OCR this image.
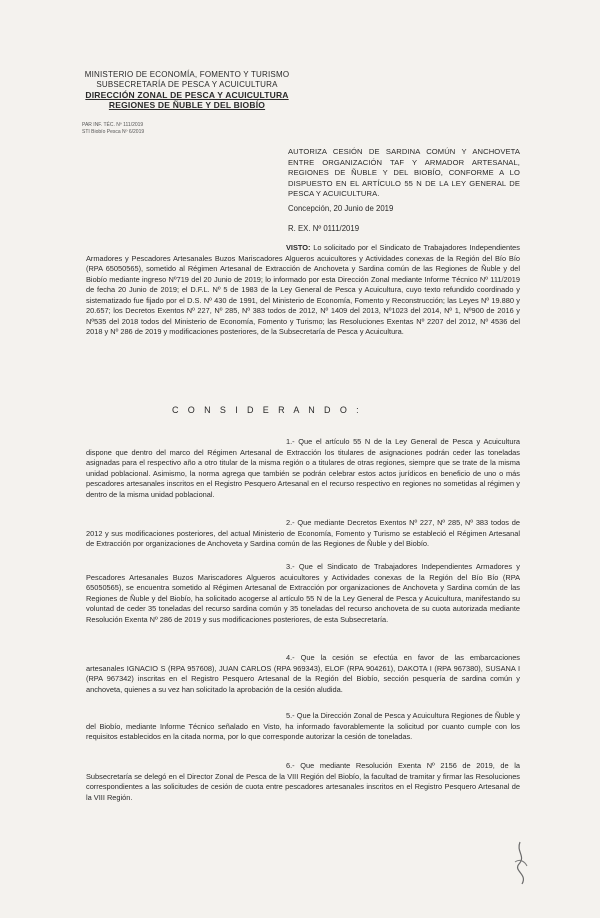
MINISTERIO DE ECONOMÍA, FOMENTO Y TURISMO
SUBSECRETARÍA DE PESCA Y ACUICULTURA
DIRECCIÓN ZONAL DE PESCA Y ACUICULTURA
REGIONES DE ÑUBLE Y DEL BIOBÍO
PAR INF. TÉC. Nº 111/2019
STI Biobío Pesca Nº 6/2019
AUTORIZA CESIÓN DE SARDINA COMÚN Y ANCHOVETA ENTRE ORGANIZACIÓN TAF Y ARMADOR ARTESANAL, REGIONES DE ÑUBLE Y DEL BIOBÍO, CONFORME A LO DISPUESTO EN EL ARTÍCULO 55 N DE LA LEY GENERAL DE PESCA Y ACUICULTURA.
Concepción, 20 Junio de 2019
R. EX. Nº 0111/2019
VISTO: Lo solicitado por el Sindicato de Trabajadores Independientes Armadores y Pescadores Artesanales Buzos Mariscadores Algueros acuicultores y Actividades conexas de la Región del Bío Bío (RPA 65050565), sometido al Régimen Artesanal de Extracción de Anchoveta y Sardina común de las Regiones de Ñuble y del Biobío mediante ingreso Nº719 del 20 Junio de 2019; lo informado por esta Dirección Zonal mediante Informe Técnico Nº 111/2019 de fecha 20 Junio de 2019; el D.F.L. Nº 5 de 1983 de la Ley General de Pesca y Acuicultura, cuyo texto refundido coordinado y sistematizado fue fijado por el D.S. Nº 430 de 1991, del Ministerio de Economía, Fomento y Reconstrucción; las Leyes Nº 19.880 y 20.657; los Decretos Exentos Nº 227, Nº 285, Nº 383 todos de 2012, Nº 1409 del 2013, Nº1023 del 2014, Nº 1, Nº900 de 2016 y Nº535 del 2018 todos del Ministerio de Economía, Fomento y Turismo; las Resoluciones Exentas Nº 2207 del 2012, Nº 4536 del 2018 y Nº 286 de 2019 y modificaciones posteriores, de la Subsecretaría de Pesca y Acuicultura.
C O N S I D E R A N D O :
1.- Que el artículo 55 N de la Ley General de Pesca y Acuicultura dispone que dentro del marco del Régimen Artesanal de Extracción los titulares de asignaciones podrán ceder las toneladas asignadas para el respectivo año a otro titular de la misma región o a titulares de otras regiones, siempre que se trate de la misma unidad poblacional. Asimismo, la norma agrega que también se podrán celebrar estos actos jurídicos en beneficio de uno o más pescadores artesanales inscritos en el Registro Pesquero Artesanal en el recurso respectivo en regiones no sometidas al régimen y dentro de la misma unidad poblacional.
2.- Que mediante Decretos Exentos Nº 227, Nº 285, Nº 383 todos de 2012 y sus modificaciones posteriores, del actual Ministerio de Economía, Fomento y Turismo se estableció el Régimen Artesanal de Extracción por organizaciones de Anchoveta y Sardina común de las Regiones de Ñuble y del Biobío.
3.- Que el Sindicato de Trabajadores Independientes Armadores y Pescadores Artesanales Buzos Mariscadores Algueros acuicultores y Actividades conexas de la Región del Bío Bío (RPA 65050565), se encuentra sometido al Régimen Artesanal de Extracción por organizaciones de Anchoveta y Sardina común de las Regiones de Ñuble y del Biobío, ha solicitado acogerse al artículo 55 N de la Ley General de Pesca y Acuicultura, manifestando su voluntad de ceder 35 toneladas del recurso sardina común y 35 toneladas del recurso anchoveta de su cuota autorizada mediante Resolución Exenta Nº 286 de 2019 y sus modificaciones posteriores, de esta Subsecretaría.
4.- Que la cesión se efectúa en favor de las embarcaciones artesanales IGNACIO S (RPA 957608), JUAN CARLOS (RPA 969343), ELOF (RPA 904261), DAKOTA I (RPA 967380), SUSANA I (RPA 967342) inscritas en el Registro Pesquero Artesanal de la Región del Biobío, sección pesquería de sardina común y anchoveta, quienes a su vez han solicitado la aprobación de la cesión aludida.
5.- Que la Dirección Zonal de Pesca y Acuicultura Regiones de Ñuble y del Biobío, mediante Informe Técnico señalado en Visto, ha informado favorablemente la solicitud por cuanto cumple con los requisitos establecidos en la citada norma, por lo que corresponde autorizar la cesión de toneladas.
6.- Que mediante Resolución Exenta Nº 2156 de 2019, de la Subsecretaría se delegó en el Director Zonal de Pesca de la VIII Región del Biobío, la facultad de tramitar y firmar las Resoluciones correspondientes a las solicitudes de cesión de cuota entre pescadores artesanales inscritos en el Registro Pesquero Artesanal de la VIII Región.
